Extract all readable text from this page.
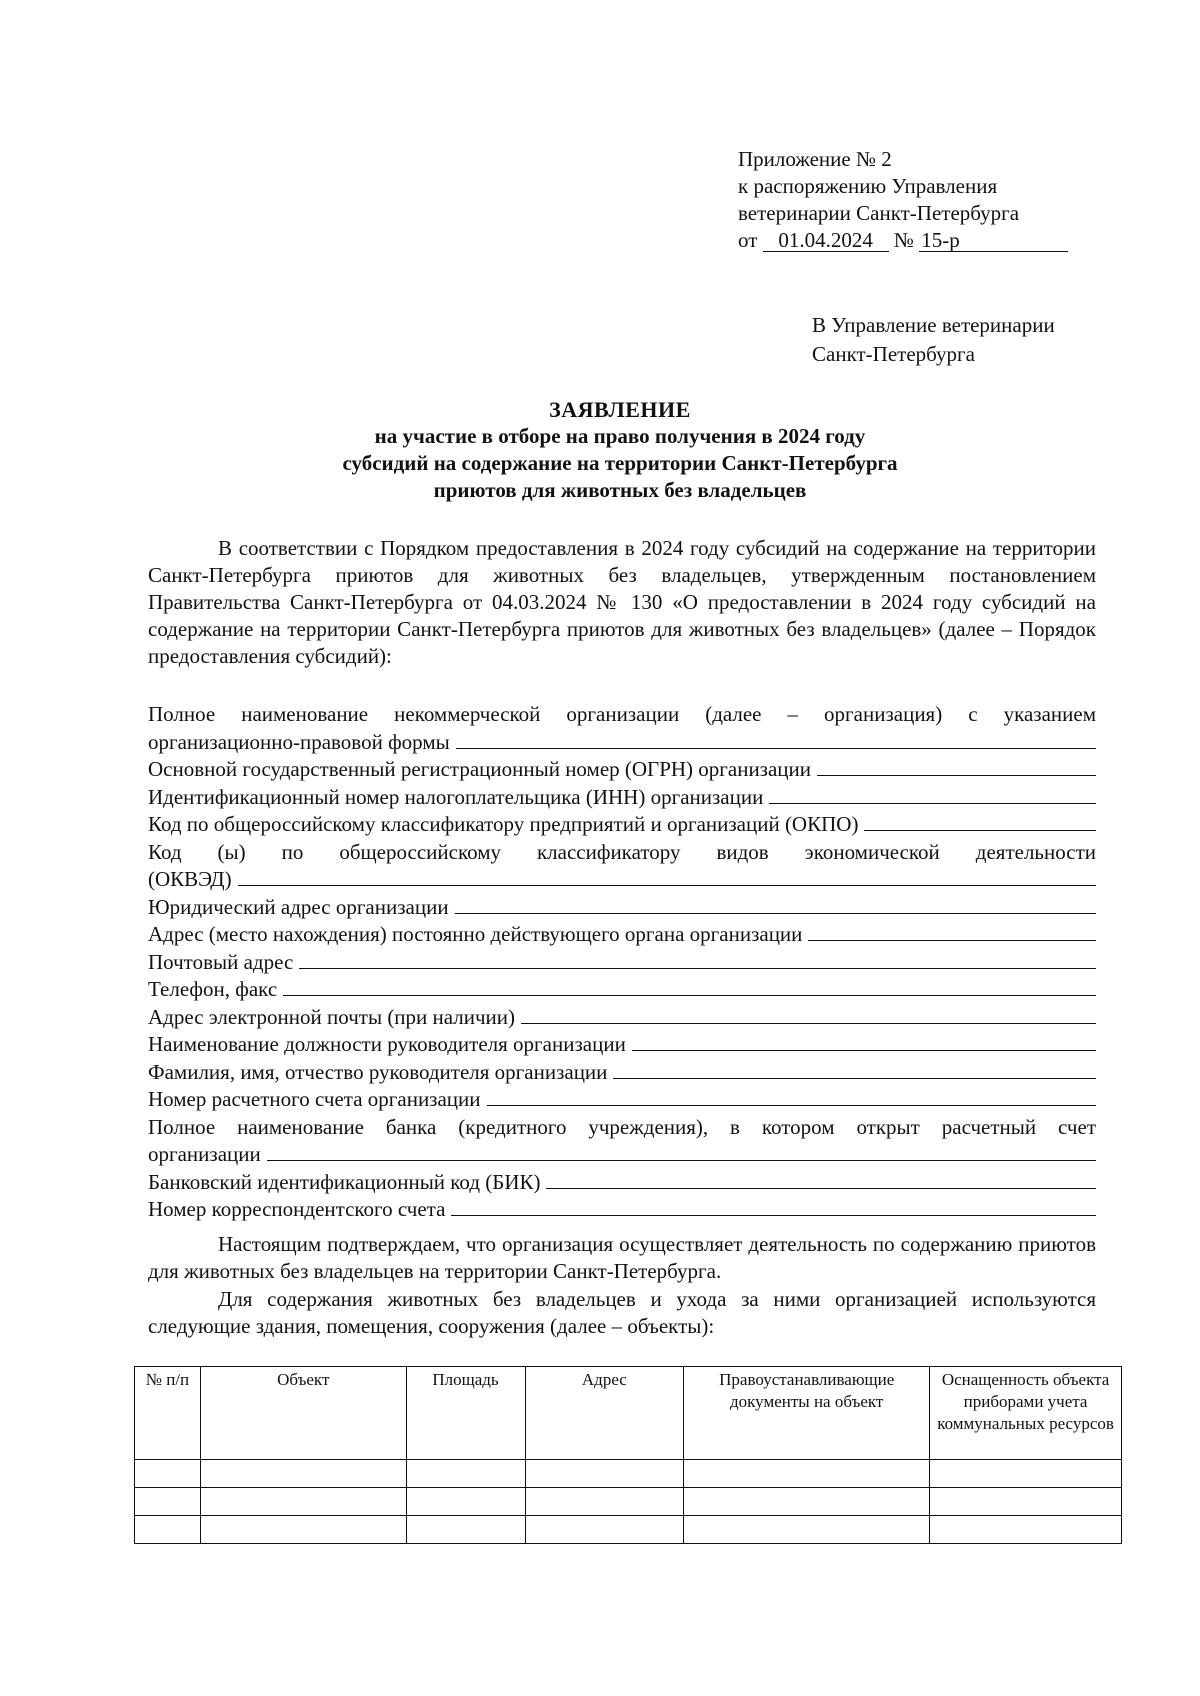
Приложение № 2
к распоряжению Управления
ветеринарии Санкт-Петербурга
от 01.04.2024 № 15-р
В Управление ветеринарии
Санкт-Петербурга
ЗАЯВЛЕНИЕ
на участие в отборе на право получения в 2024 году
субсидий на содержание на территории Санкт-Петербурга
приютов для животных без владельцев
В соответствии с Порядком предоставления в 2024 году субсидий на содержание на территории Санкт-Петербурга приютов для животных без владельцев, утвержденным постановлением Правительства Санкт-Петербурга от 04.03.2024 № 130 «О предоставлении в 2024 году субсидий на содержание на территории Санкт-Петербурга приютов для животных без владельцев» (далее – Порядок предоставления субсидий):
Полное наименование некоммерческой организации (далее – организация) с указанием
организационно-правовой формы
Основной государственный регистрационный номер (ОГРН) организации
Идентификационный номер налогоплательщика (ИНН) организации
Код по общероссийскому классификатору предприятий и организаций (ОКПО)
Код (ы) по общероссийскому классификатору видов экономической деятельности
(ОКВЭД)
Юридический адрес организации
Адрес (место нахождения) постоянно действующего органа организации
Почтовый адрес
Телефон, факс
Адрес электронной почты (при наличии)
Наименование должности руководителя организации
Фамилия, имя, отчество руководителя организации
Номер расчетного счета организации
Полное наименование банка (кредитного учреждения), в котором открыт расчетный счет
организации
Банковский идентификационный код (БИК)
Номер корреспондентского счета
Настоящим подтверждаем, что организация осуществляет деятельность по содержанию приютов для животных без владельцев на территории Санкт-Петербурга.
Для содержания животных без владельцев и ухода за ними организацией используются следующие здания, помещения, сооружения (далее – объекты):
№ п/п	Объект	Площадь	Адрес	Правоустанавливающие документы на объект	Оснащенность объекта приборами учета коммунальных ресурсов
